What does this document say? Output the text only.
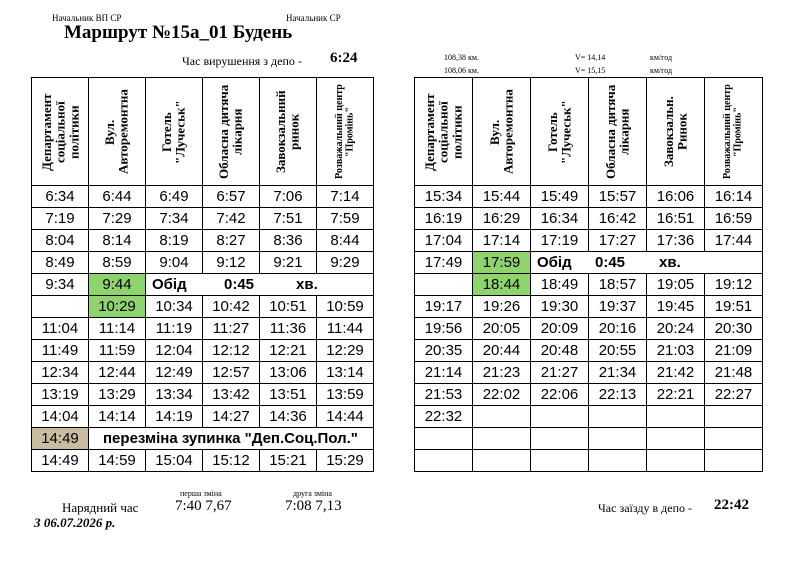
Начальник ВП СР	Начальник СР
Маршрут №15а_01 Будень
Час вирушення з депо - 6:24	108,38 км.	V= 14,14	км/год
108,06 км.	V= 15,15	км/год
Департамент соціальної політики	Вул. Авторемонтна	Готель "Лучеськ"	Обласна дитяча лікарня	Завокзальний ринок	Розважальний центр "Промінь"

6:34	6:44	6:49	6:57	7:06	7:14
7:19	7:29	7:34	7:42	7:51	7:59
8:04	8:14	8:19	8:27	8:36	8:44
8:49	8:59	9:04	9:12	9:21	9:29
9:34	9:44	Обід 0:45 хв.			
	10:29	10:34	10:42	10:51	10:59
11:04	11:14	11:19	11:27	11:36	11:44
11:49	11:59	12:04	12:12	12:21	12:29
12:34	12:44	12:49	12:57	13:06	13:14
13:19	13:29	13:34	13:42	13:51	13:59
14:04	14:14	14:19	14:27	14:36	14:44
14:49	перезміна зупинка "Деп.Соц.Пол."				
14:49	14:59	15:04	15:12	15:21	15:29
Департамент соціальної політики	Вул. Авторемонтна	Готель "Лучеськ"	Обласна дитяча лікарня	Завокзальн. Ринок	Розважальний центр "Промінь"

15:34	15:44	15:49	15:57	16:06	16:14
16:19	16:29	16:34	16:42	16:51	16:59
17:04	17:14	17:19	17:27	17:36	17:44
17:49	17:59	Обід 0:45 хв.			
	18:44	18:49	18:57	19:05	19:12
19:17	19:26	19:30	19:37	19:45	19:51
19:56	20:05	20:09	20:16	20:24	20:30
20:35	20:44	20:48	20:55	21:03	21:09
21:14	21:23	21:27	21:34	21:42	21:48
21:53	22:02	22:06	22:13	22:21	22:27
22:32					

Нарядний час
перша зміна
7:40 7,67
друга зміна
7:08 7,13
З 06.07.2026 р.
Час заїзду в депо - 22:42
